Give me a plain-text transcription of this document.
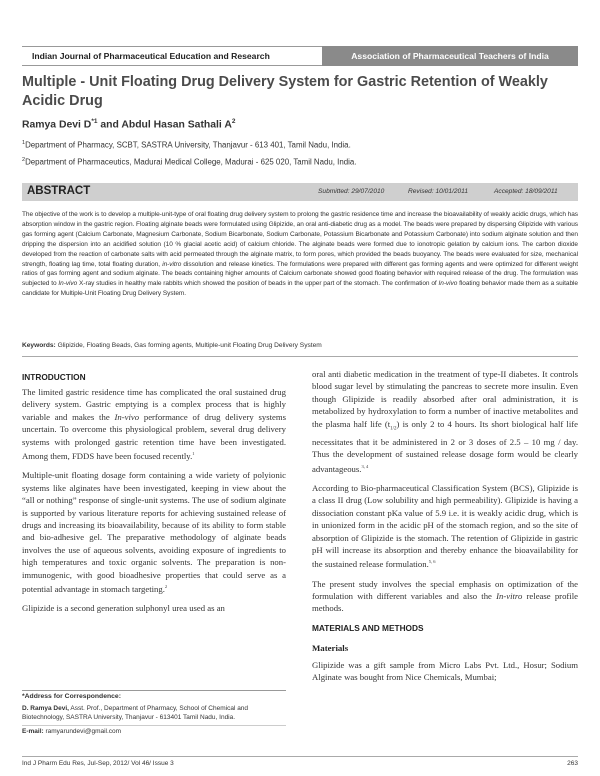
Indian Journal of Pharmaceutical Education and Research	Association of Pharmaceutical Teachers of India
Multiple - Unit Floating Drug Delivery System for Gastric Retention of Weakly Acidic Drug
Ramya Devi $D^{*1}$ and Abdul Hasan Sathali $A^2$
$^1$Department of Pharmacy, SCBT, SASTRA University, Thanjavur - 613 401, Tamil Nadu, India.
$^2$Department of Pharmaceutics, Madurai Medical College, Madurai - 625 020, Tamil Nadu, India.
ABSTRACT	Submitted: 29/07/2010	Revised: 10/01/2011	Accepted: 18/09/2011
The objective of the work is to develop a multiple-unit-type of oral floating drug delivery system to prolong the gastric residence time and increase the bioavailability of weakly acidic drugs, which has absorption window in the gastric region. Floating alginate beads were formulated using Glipizide, an oral anti-diabetic drug as a model. The beads were prepared by dispersing Glipizide with various gas forming agent (Calcium Carbonate, Magnesium Carbonate, Sodium Bicarbonate, Sodium Carbonate, Potassium Bicarbonate and Potassium Carbonate) into sodium alginate solution and then dripping the dispersion into an acidified solution (10 % glacial acetic acid) of calcium chloride. The alginate beads were formed due to ionotropic gelation by calcium ions. The carbon dioxide developed from the reaction of carbonate salts with acid permeated through the alginate matrix, to form pores, which provided the beads buoyancy. The beads were evaluated for size, mechanical strength, floating lag time, total floating duration, in-vitro dissolution and release kinetics. The formulations were prepared with different gas forming agents and were optimized for different weight ratios of gas forming agent and sodium alginate. The beads containing higher amounts of Calcium carbonate showed good floating behavior with required release of the drug. The formulation was subjected to In-vivo X-ray studies in healthy male rabbits which showed the position of beads in the upper part of the stomach. The confirmation of In-vivo floating behavior made them as a suitable candidate for Multiple-Unit Floating Drug Delivery System.
Keywords: Glipizide, Floating Beads, Gas forming agents, Multiple-unit Floating Drug Delivery System
INTRODUCTION

The limited gastric residence time has complicated the oral sustained drug delivery system. Gastric emptying is a complex process that is highly variable and makes the In-vivo performance of drug delivery systems uncertain. To overcome this physiological problem, several drug delivery systems with prolonged gastric retention time have been investigated. Among them, FDDS have been focused recently.$^1$

Multiple-unit floating dosage form containing a wide variety of polyionic systems like alginates have been investigated, keeping in view about the “all or nothing” response of single-unit systems. The use of sodium alginate is supported by various literature reports for achieving sustained release of drugs and increasing its bioavailability, because of its ability to form stable and bio-adhesive gel. The preparative methodology of alginate beads involves the use of aqueous solvents, avoiding exposure of ingredients to high temperatures and toxic organic solvents. The preparation is non-immunogenic, with good bioadhesive properties that could serve as a potential advantage in stomach targeting.$^2$

Glipizide is a second generation sulphonyl urea used as an

*Address for Correspondence:
D. Ramya Devi, Asst. Prof., Department of Pharmacy, School of Chemical and Biotechnology, SASTRA University, Thanjavur - 613401 Tamil Nadu, India.
E-mail: ramyarundevi@gmail.com

oral anti diabetic medication in the treatment of type-II diabetes. It controls blood sugar level by stimulating the pancreas to secrete more insulin. Even though Glipizide is readily absorbed after oral administration, it is metabolized by hydroxylation to form a number of inactive metabolites and the plasma half life $(t_{1/2})$ is only 2 to 4 hours. Its short biological half life necessitates that it be administered in 2 or 3 doses of 2.5 – 10 mg / day. Thus the development of sustained release dosage form would be clearly advantageous.$^{3, 4}$

According to Bio-pharmaceutical Classification System (BCS), Glipizide is a class II drug (Low solubility and high permeability). Glipizide is having a dissociation constant pKa value of 5.9 i.e. it is weakly acidic drug, which is in unionized form in the acidic pH of the stomach region, and so the site of absorption of Glipizide is the stomach. The retention of Glipizide in gastric pH will increase its absorption and thereby enhance the bioavailability for the sustained release formulation.$^{5, 6}$

The present study involves the special emphasis on optimization of the formulation with different variables and also the In-vitro release profile methods.

MATERIALS AND METHODS
Materials

Glipizide was a gift sample from Micro Labs Pvt. Ltd., Hosur; Sodium Alginate was bought from Nice Chemicals, Mumbai;

Ind J Pharm Edu Res, Jul-Sep, 2012/ Vol 46/ Issue 3	263
